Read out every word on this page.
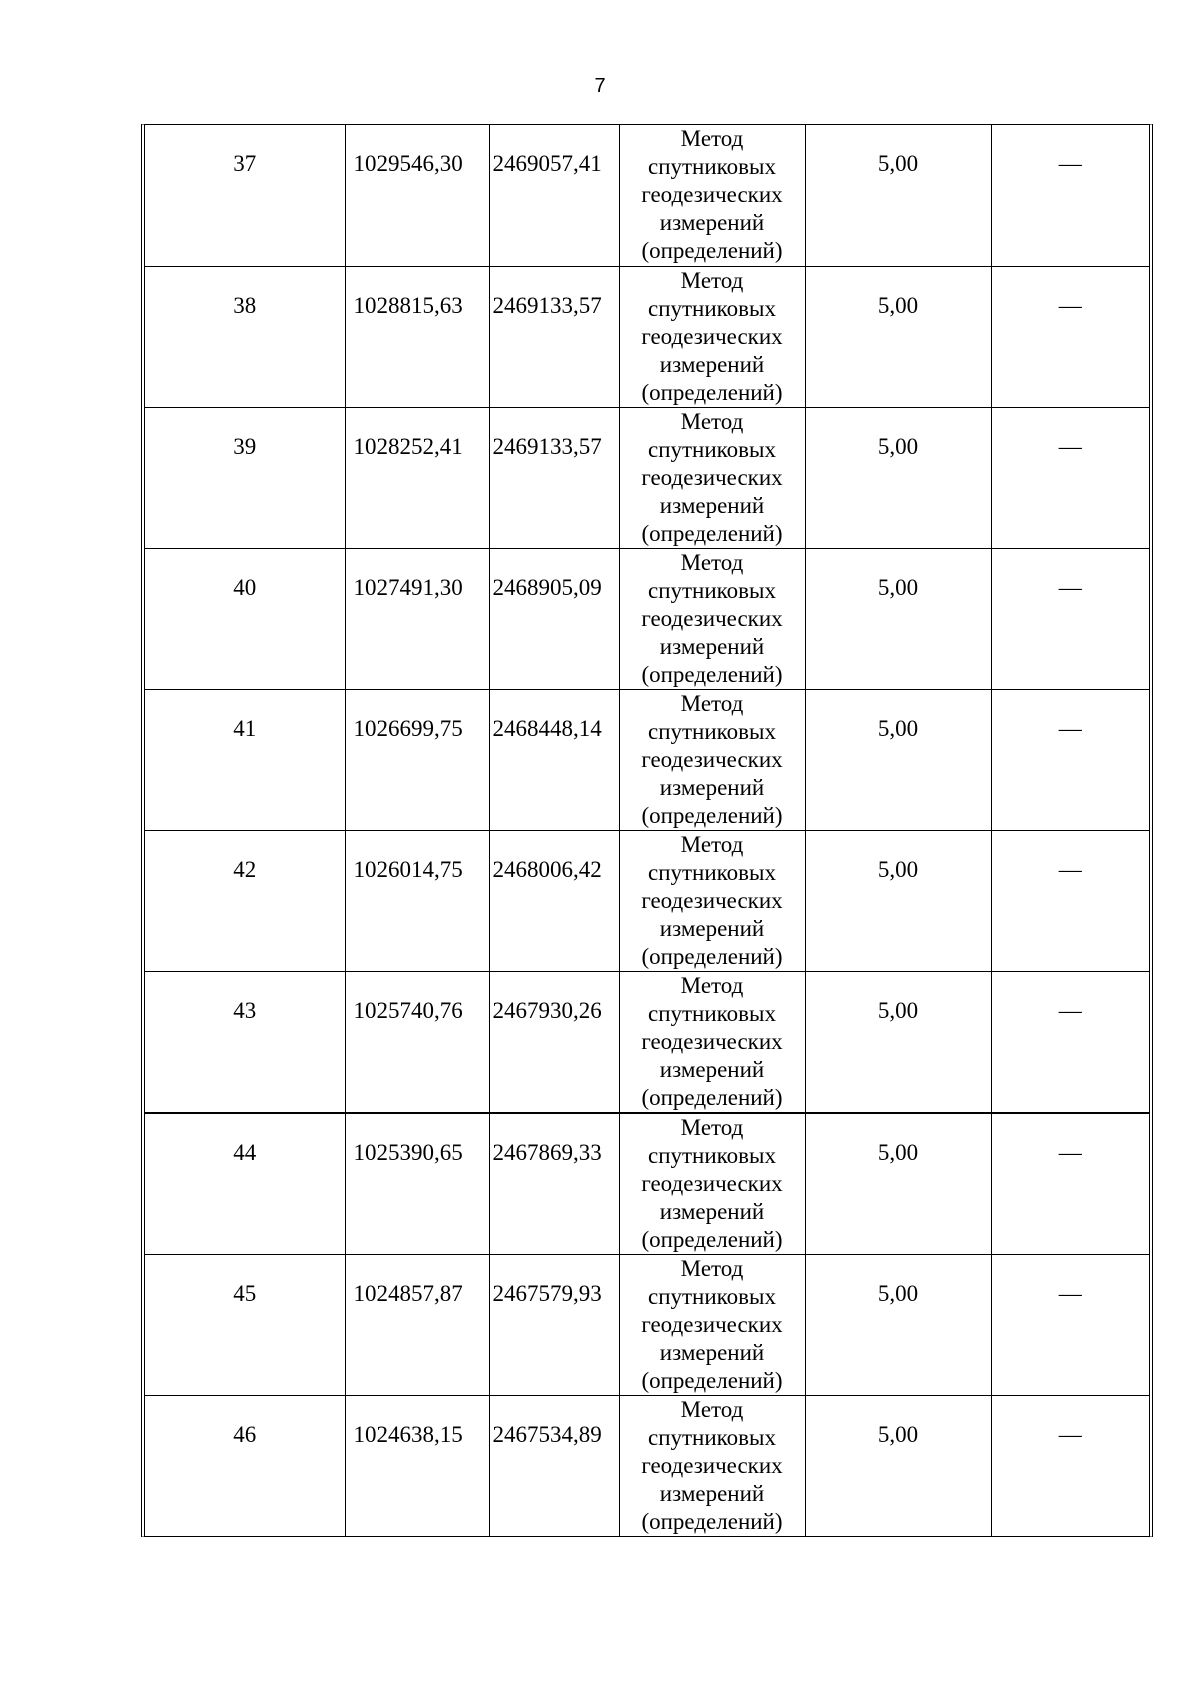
7
37	1029546,30	2469057,41	Метод
спутниковых
геодезических
измерений
(определений)	5,00	—
38	1028815,63	2469133,57	Метод
спутниковых
геодезических
измерений
(определений)	5,00	—
39	1028252,41	2469133,57	Метод
спутниковых
геодезических
измерений
(определений)	5,00	—
40	1027491,30	2468905,09	Метод
спутниковых
геодезических
измерений
(определений)	5,00	—
41	1026699,75	2468448,14	Метод
спутниковых
геодезических
измерений
(определений)	5,00	—
42	1026014,75	2468006,42	Метод
спутниковых
геодезических
измерений
(определений)	5,00	—
43	1025740,76	2467930,26	Метод
спутниковых
геодезических
измерений
(определений)	5,00	—
44	1025390,65	2467869,33	Метод
спутниковых
геодезических
измерений
(определений)	5,00	—
45	1024857,87	2467579,93	Метод
спутниковых
геодезических
измерений
(определений)	5,00	—
46	1024638,15	2467534,89	Метод
спутниковых
геодезических
измерений
(определений)	5,00	—
